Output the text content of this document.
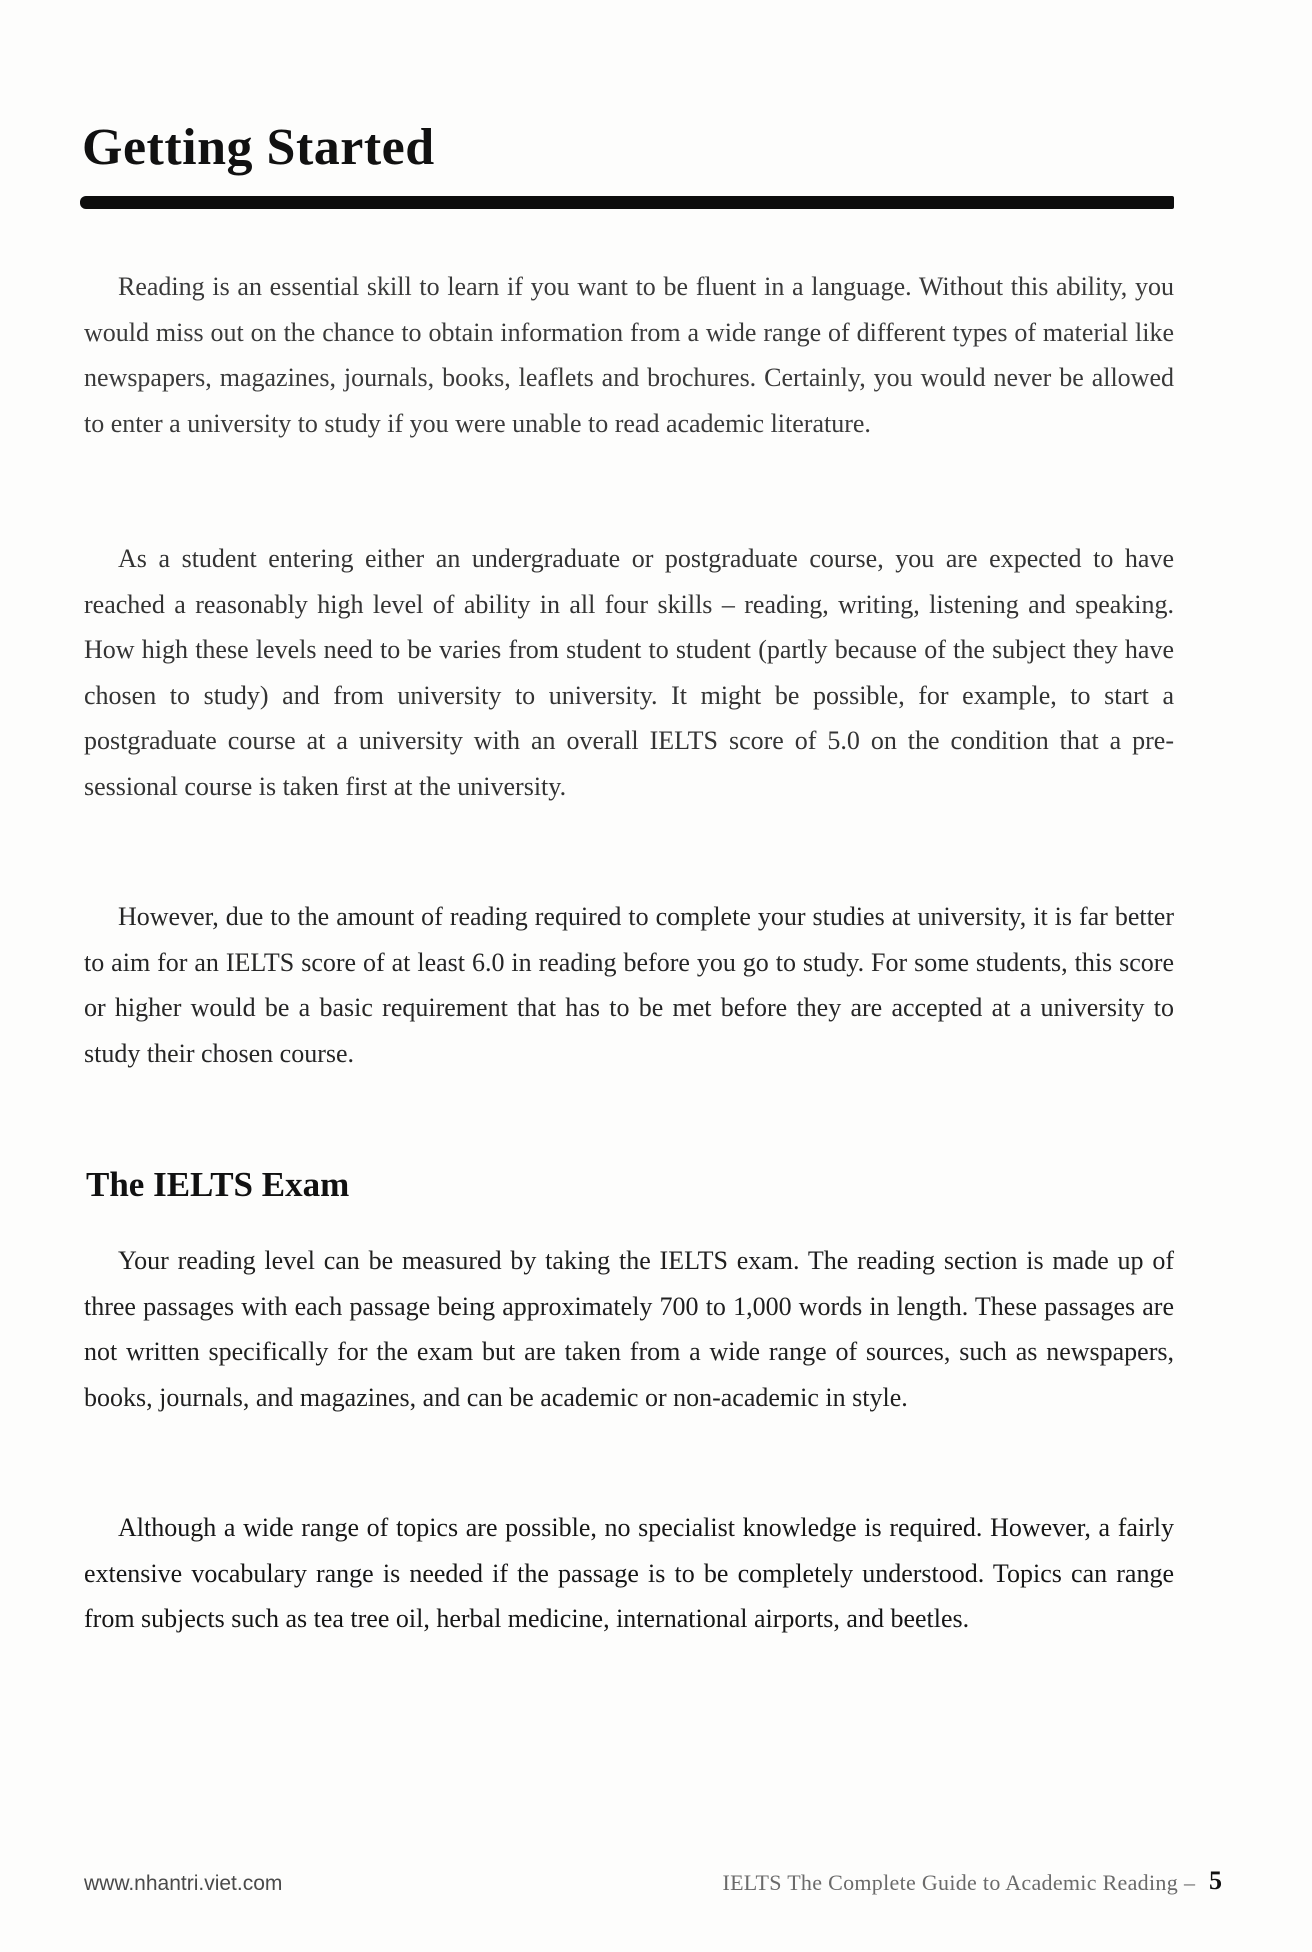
Getting Started

Reading is an essential skill to learn if you want to be fluent in a language. Without this ability, you would miss out on the chance to obtain information from a wide range of different types of material like newspapers, magazines, journals, books, leaflets and brochures. Certainly, you would never be allowed to enter a university to study if you were unable to read academic literature.

As a student entering either an undergraduate or postgraduate course, you are expected to have reached a reasonably high level of ability in all four skills – reading, writing, listening and speaking. How high these levels need to be varies from student to student (partly because of the subject they have chosen to study) and from university to university. It might be possible, for example, to start a postgraduate course at a university with an overall IELTS score of 5.0 on the condition that a pre-sessional course is taken first at the university.

However, due to the amount of reading required to complete your studies at university, it is far better to aim for an IELTS score of at least 6.0 in reading before you go to study. For some students, this score or higher would be a basic requirement that has to be met before they are accepted at a university to study their chosen course.

The IELTS Exam

Your reading level can be measured by taking the IELTS exam. The reading section is made up of three passages with each passage being approximately 700 to 1,000 words in length. These passages are not written specifically for the exam but are taken from a wide range of sources, such as newspapers, books, journals, and magazines, and can be academic or non-academic in style.

Although a wide range of topics are possible, no specialist knowledge is required. However, a fairly extensive vocabulary range is needed if the passage is to be completely understood. Topics can range from subjects such as tea tree oil, herbal medicine, international airports, and beetles.

www.nhantri.viet.com	IELTS The Complete Guide to Academic Reading – 5
